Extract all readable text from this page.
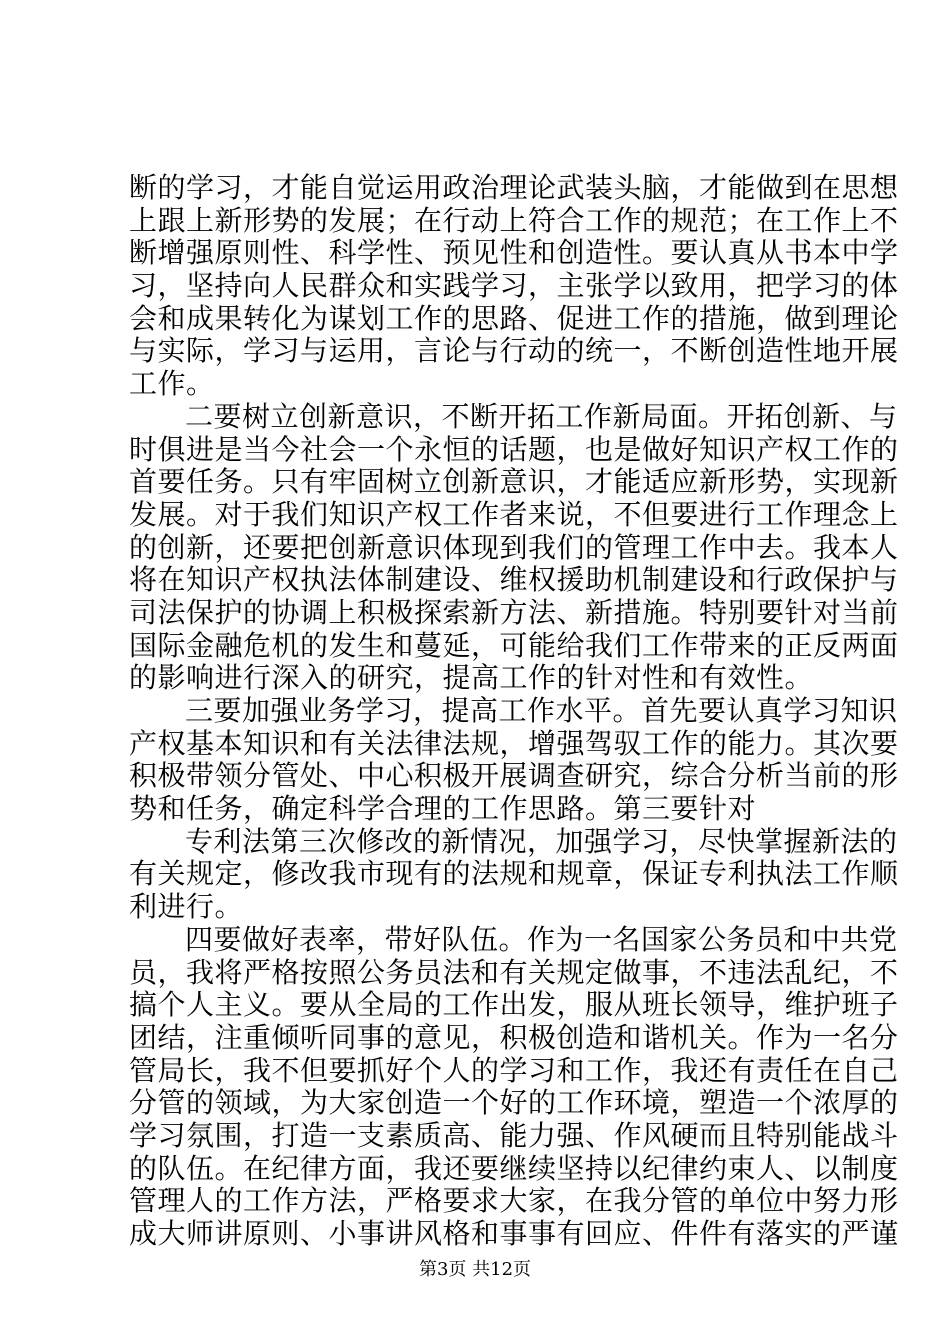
断的学习，才能自觉运用政治理论武装头脑，才能做到在思想
上跟上新形势的发展；在行动上符合工作的规范；在工作上不
断增强原则性、科学性、预见性和创造性。要认真从书本中学
习，坚持向人民群众和实践学习，主张学以致用，把学习的体
会和成果转化为谋划工作的思路、促进工作的措施，做到理论
与实际，学习与运用，言论与行动的统一，不断创造性地开展
工作。
二要树立创新意识，不断开拓工作新局面。开拓创新、与
时俱进是当今社会一个永恒的话题，也是做好知识产权工作的
首要任务。只有牢固树立创新意识，才能适应新形势，实现新
发展。对于我们知识产权工作者来说，不但要进行工作理念上
的创新，还要把创新意识体现到我们的管理工作中去。我本人
将在知识产权执法体制建设、维权援助机制建设和行政保护与
司法保护的协调上积极探索新方法、新措施。特别要针对当前
国际金融危机的发生和蔓延，可能给我们工作带来的正反两面
的影响进行深入的研究，提高工作的针对性和有效性。
三要加强业务学习，提高工作水平。首先要认真学习知识
产权基本知识和有关法律法规，增强驾驭工作的能力。其次要
积极带领分管处、中心积极开展调查研究，综合分析当前的形
势和任务，确定科学合理的工作思路。第三要针对
专利法第三次修改的新情况，加强学习，尽快掌握新法的
有关规定，修改我市现有的法规和规章，保证专利执法工作顺
利进行。
四要做好表率，带好队伍。作为一名国家公务员和中共党
员，我将严格按照公务员法和有关规定做事，不违法乱纪，不
搞个人主义。要从全局的工作出发，服从班长领导，维护班子
团结，注重倾听同事的意见，积极创造和谐机关。作为一名分
管局长，我不但要抓好个人的学习和工作，我还有责任在自己
分管的领域，为大家创造一个好的工作环境，塑造一个浓厚的
学习氛围，打造一支素质高、能力强、作风硬而且特别能战斗
的队伍。在纪律方面，我还要继续坚持以纪律约束人、以制度
管理人的工作方法，严格要求大家，在我分管的单位中努力形
成大师讲原则、小事讲风格和事事有回应、件件有落实的严谨
第3页 共12页
